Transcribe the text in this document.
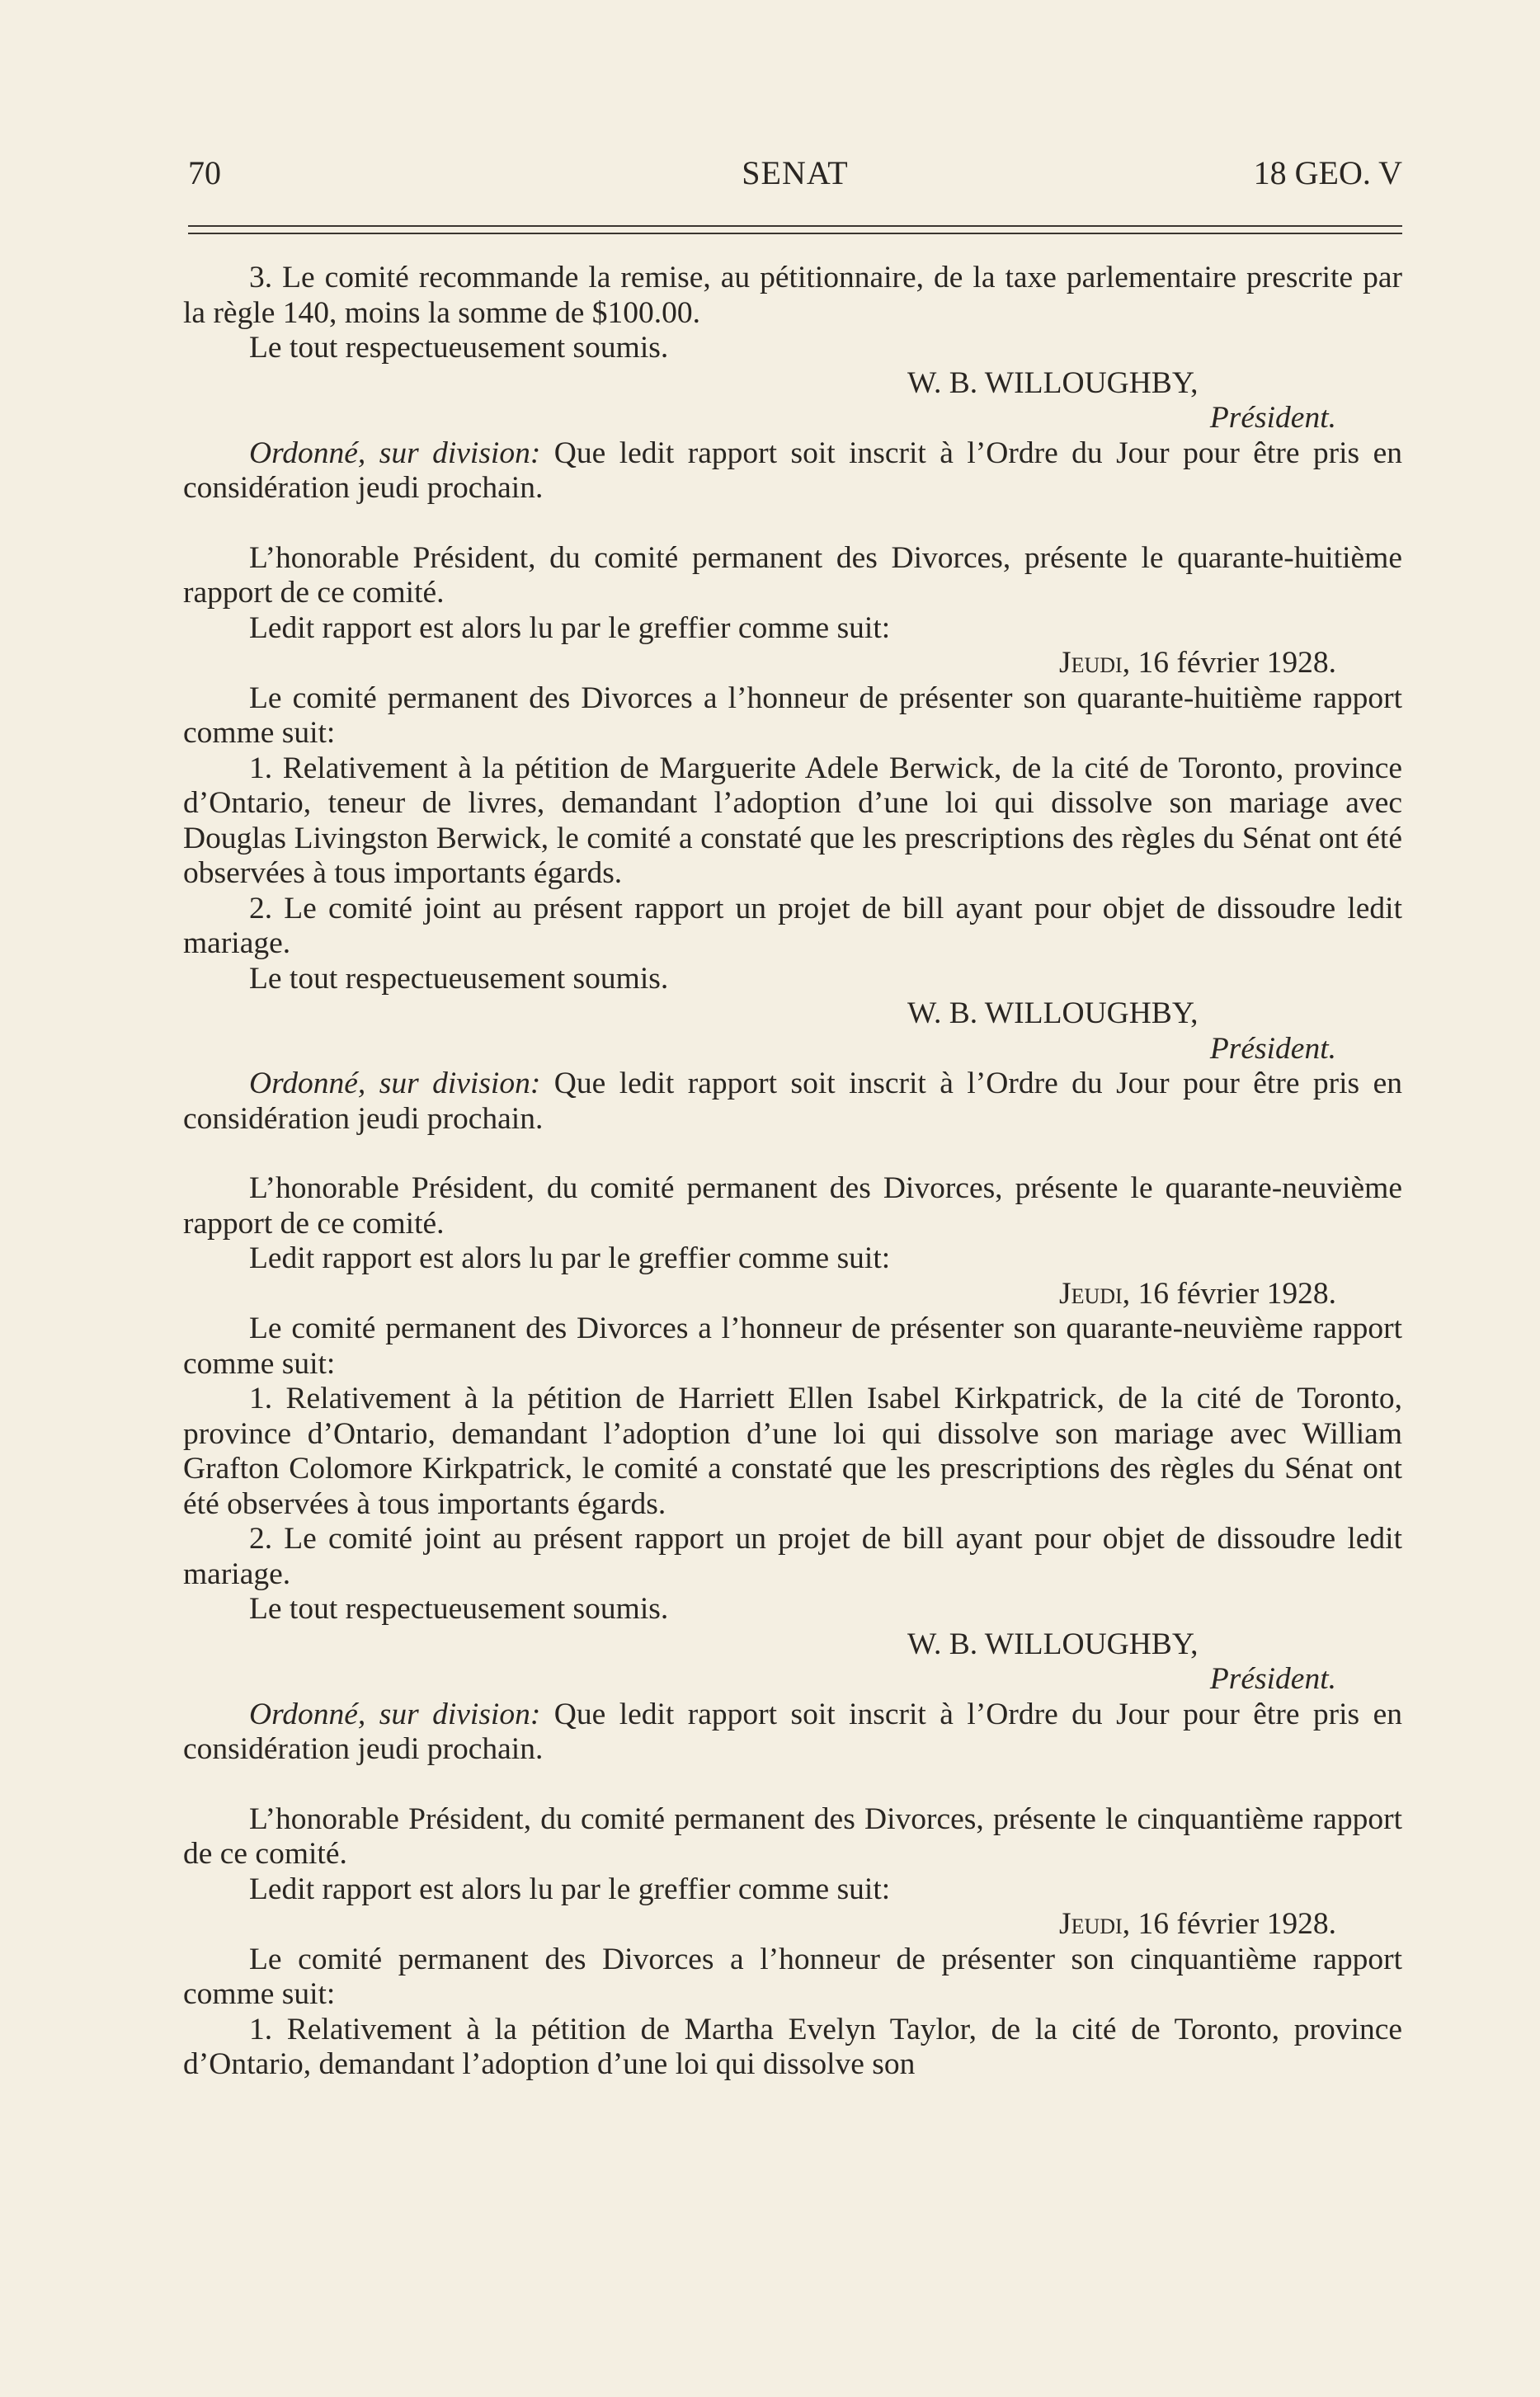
70	SENAT	18 GEO. V

3. Le comité recommande la remise, au pétitionnaire, de la taxe parlementaire prescrite par la règle 140, moins la somme de $100.00.

Le tout respectueusement soumis.

W. B. WILLOUGHBY,

Président.

Ordonné, sur division: Que ledit rapport soit inscrit à l’Ordre du Jour pour être pris en considération jeudi prochain.

L’honorable Président, du comité permanent des Divorces, présente le quarante-huitième rapport de ce comité.

Ledit rapport est alors lu par le greffier comme suit:

Jeudi, 16 février 1928.

Le comité permanent des Divorces a l’honneur de présenter son quarante-huitième rapport comme suit:

1. Relativement à la pétition de Marguerite Adele Berwick, de la cité de Toronto, province d’Ontario, teneur de livres, demandant l’adoption d’une loi qui dissolve son mariage avec Douglas Livingston Berwick, le comité a constaté que les prescriptions des règles du Sénat ont été observées à tous importants égards.

2. Le comité joint au présent rapport un projet de bill ayant pour objet de dissoudre ledit mariage.

Le tout respectueusement soumis.

W. B. WILLOUGHBY,

Président.

Ordonné, sur division: Que ledit rapport soit inscrit à l’Ordre du Jour pour être pris en considération jeudi prochain.

L’honorable Président, du comité permanent des Divorces, présente le quarante-neuvième rapport de ce comité.

Ledit rapport est alors lu par le greffier comme suit:

Jeudi, 16 février 1928.

Le comité permanent des Divorces a l’honneur de présenter son quarante-neuvième rapport comme suit:

1. Relativement à la pétition de Harriett Ellen Isabel Kirkpatrick, de la cité de Toronto, province d’Ontario, demandant l’adoption d’une loi qui dissolve son mariage avec William Grafton Colomore Kirkpatrick, le comité a constaté que les prescriptions des règles du Sénat ont été observées à tous importants égards.

2. Le comité joint au présent rapport un projet de bill ayant pour objet de dissoudre ledit mariage.

Le tout respectueusement soumis.

W. B. WILLOUGHBY,

Président.

Ordonné, sur division: Que ledit rapport soit inscrit à l’Ordre du Jour pour être pris en considération jeudi prochain.

L’honorable Président, du comité permanent des Divorces, présente le cinquantième rapport de ce comité.

Ledit rapport est alors lu par le greffier comme suit:

Jeudi, 16 février 1928.

Le comité permanent des Divorces a l’honneur de présenter son cinquantième rapport comme suit:

1. Relativement à la pétition de Martha Evelyn Taylor, de la cité de Toronto, province d’Ontario, demandant l’adoption d’une loi qui dissolve son
